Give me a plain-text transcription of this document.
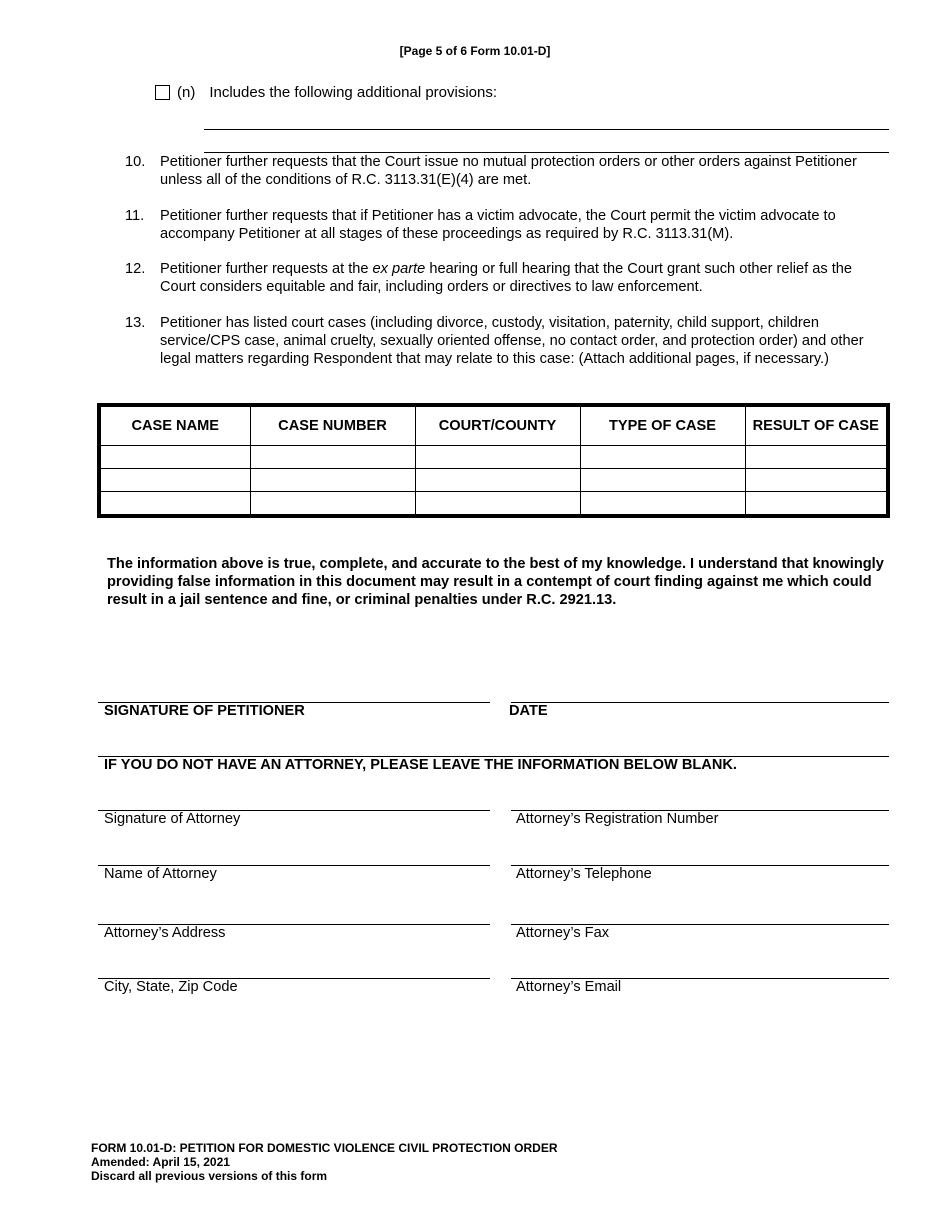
[Page 5 of 6 Form 10.01-D]
(n) Includes the following additional provisions:
10.	Petitioner further requests that the Court issue no mutual protection orders or other orders against Petitioner unless all of the conditions of R.C. 3113.31(E)(4) are met.
11.	Petitioner further requests that if Petitioner has a victim advocate, the Court permit the victim advocate to accompany Petitioner at all stages of these proceedings as required by R.C. 3113.31(M).
12.	Petitioner further requests at the ex parte hearing or full hearing that the Court grant such other relief as the Court considers equitable and fair, including orders or directives to law enforcement.
13.	Petitioner has listed court cases (including divorce, custody, visitation, paternity, child support, children service/CPS case, animal cruelty, sexually oriented offense, no contact order, and protection order) and other legal matters regarding Respondent that may relate to this case: (Attach additional pages, if necessary.)
CASE NAME	CASE NUMBER	COURT/COUNTY	TYPE OF CASE	RESULT OF CASE

The information above is true, complete, and accurate to the best of my knowledge. I understand that knowingly providing false information in this document may result in a contempt of court finding against me which could result in a jail sentence and fine, or criminal penalties under R.C. 2921.13.
SIGNATURE OF PETITIONER	DATE
IF YOU DO NOT HAVE AN ATTORNEY, PLEASE LEAVE THE INFORMATION BELOW BLANK.
Signature of Attorney	Attorney’s Registration Number
Name of Attorney	Attorney’s Telephone
Attorney’s Address	Attorney’s Fax
City, State, Zip Code	Attorney’s Email
FORM 10.01-D: PETITION FOR DOMESTIC VIOLENCE CIVIL PROTECTION ORDER
Amended: April 15, 2021
Discard all previous versions of this form
